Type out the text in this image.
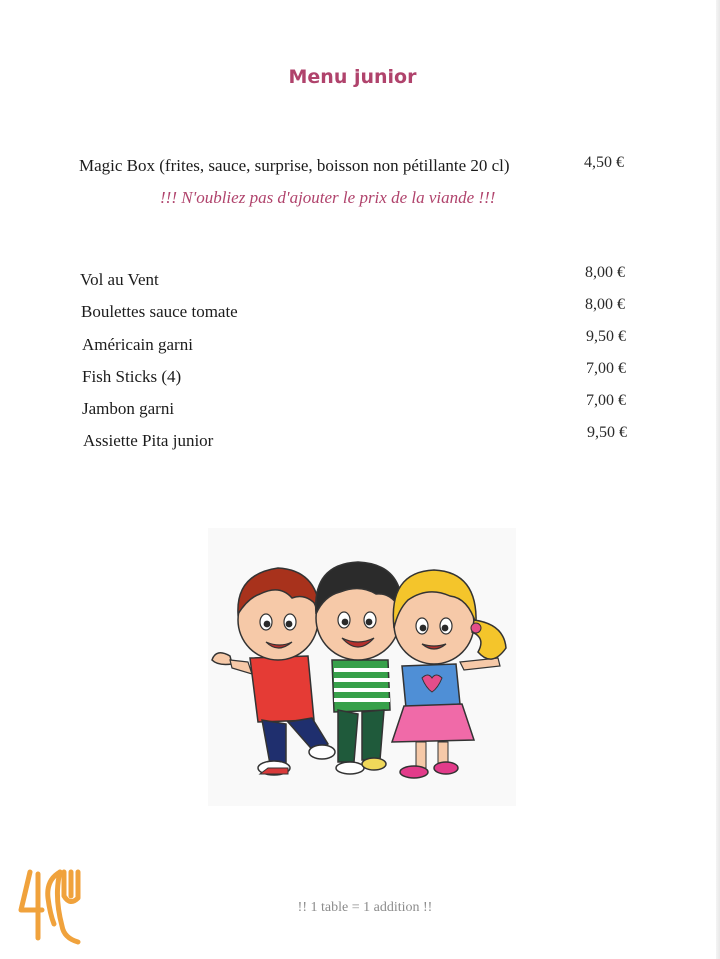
Menu junior
Magic Box (frites, sauce, surprise, boisson non pétillante 20 cl)	4,50 €
!!! N'oubliez pas d'ajouter le prix de la viande !!!
Vol au Vent	8,00 €
Boulettes sauce tomate	8,00 €
Américain garni	9,50 €
Fish Sticks (4)	7,00 €
Jambon garni	7,00 €
Assiette Pita junior	9,50 €
!! 1 table = 1 addition !!
